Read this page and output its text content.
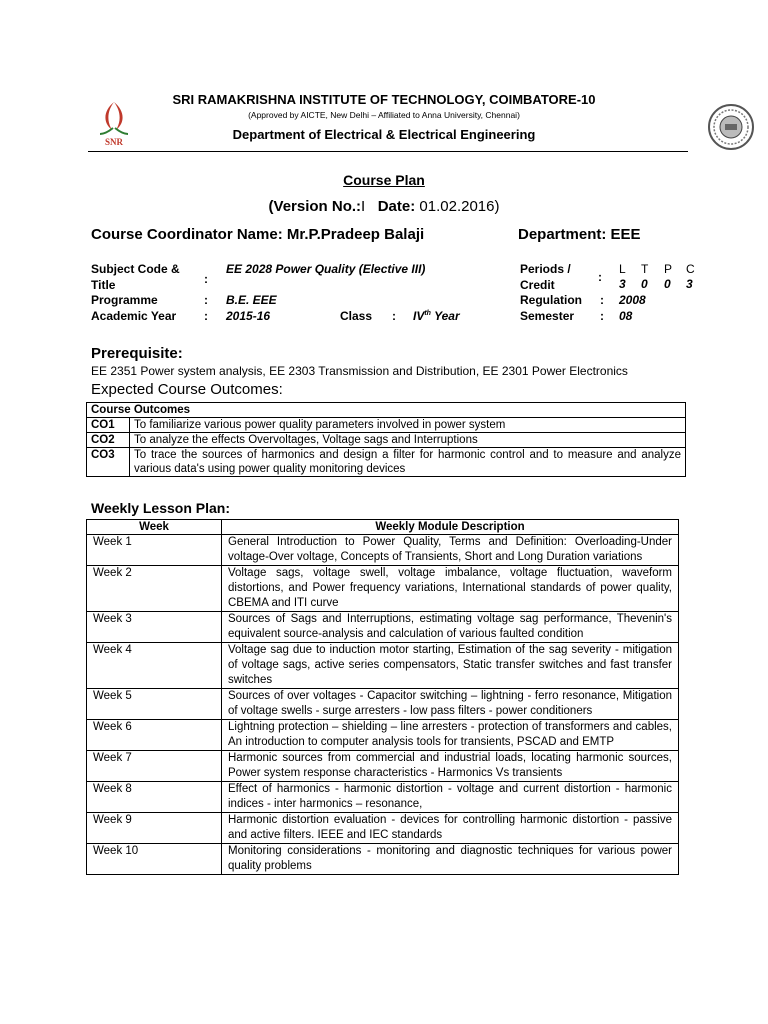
SNR
SRI RAMAKRISHNA INSTITUTE OF TECHNOLOGY, COIMBATORE-10
(Approved by AICTE, New Delhi – Affiliated to Anna University, Chennai)
Department of Electrical & Electrical Engineering
Course Plan
(Version No.:I Date: 01.02.2016)
Course Coordinator Name: Mr.P.Pradeep Balaji	Department: EEE
Subject Code &
Title	:
EE 2028 Power Quality (Elective III)
Programme	: B.E. EEE
Academic Year : 2015-16	Class : IVth Year
Periods /
Credit
:
L T P C
3 0 0 3
Regulation : 2008
Semester : 08
Prerequisite:
EE 2351 Power system analysis, EE 2303 Transmission and Distribution, EE 2301 Power Electronics
Expected Course Outcomes:
Course Outcomes	
CO1	To familiarize various power quality parameters involved in power system
CO2	To analyze the effects Overvoltages, Voltage sags and Interruptions
CO3	To trace the sources of harmonics and design a filter for harmonic control and to measure and analyze various data's using power quality monitoring devices
Weekly Lesson Plan:
Week	Weekly Module Description
Week 1	General Introduction to Power Quality, Terms and Definition: Overloading-Under voltage-Over voltage, Concepts of Transients, Short and Long Duration variations
Week 2	Voltage sags, voltage swell, voltage imbalance, voltage fluctuation, waveform distortions, and Power frequency variations, International standards of power quality, CBEMA and ITI curve
Week 3	Sources of Sags and Interruptions, estimating voltage sag performance, Thevenin's equivalent source-analysis and calculation of various faulted condition
Week 4	Voltage sag due to induction motor starting, Estimation of the sag severity - mitigation of voltage sags, active series compensators, Static transfer switches and fast transfer switches
Week 5	Sources of over voltages - Capacitor switching – lightning - ferro resonance, Mitigation of voltage swells - surge arresters - low pass filters - power conditioners
Week 6	Lightning protection – shielding – line arresters - protection of transformers and cables, An introduction to computer analysis tools for transients, PSCAD and EMTP
Week 7	Harmonic sources from commercial and industrial loads, locating harmonic sources, Power system response characteristics - Harmonics Vs transients
Week 8	Effect of harmonics - harmonic distortion - voltage and current distortion - harmonic indices - inter harmonics – resonance,
Week 9	Harmonic distortion evaluation - devices for controlling harmonic distortion - passive and active filters. IEEE and IEC standards
Week 10	Monitoring considerations - monitoring and diagnostic techniques for various power quality problems
